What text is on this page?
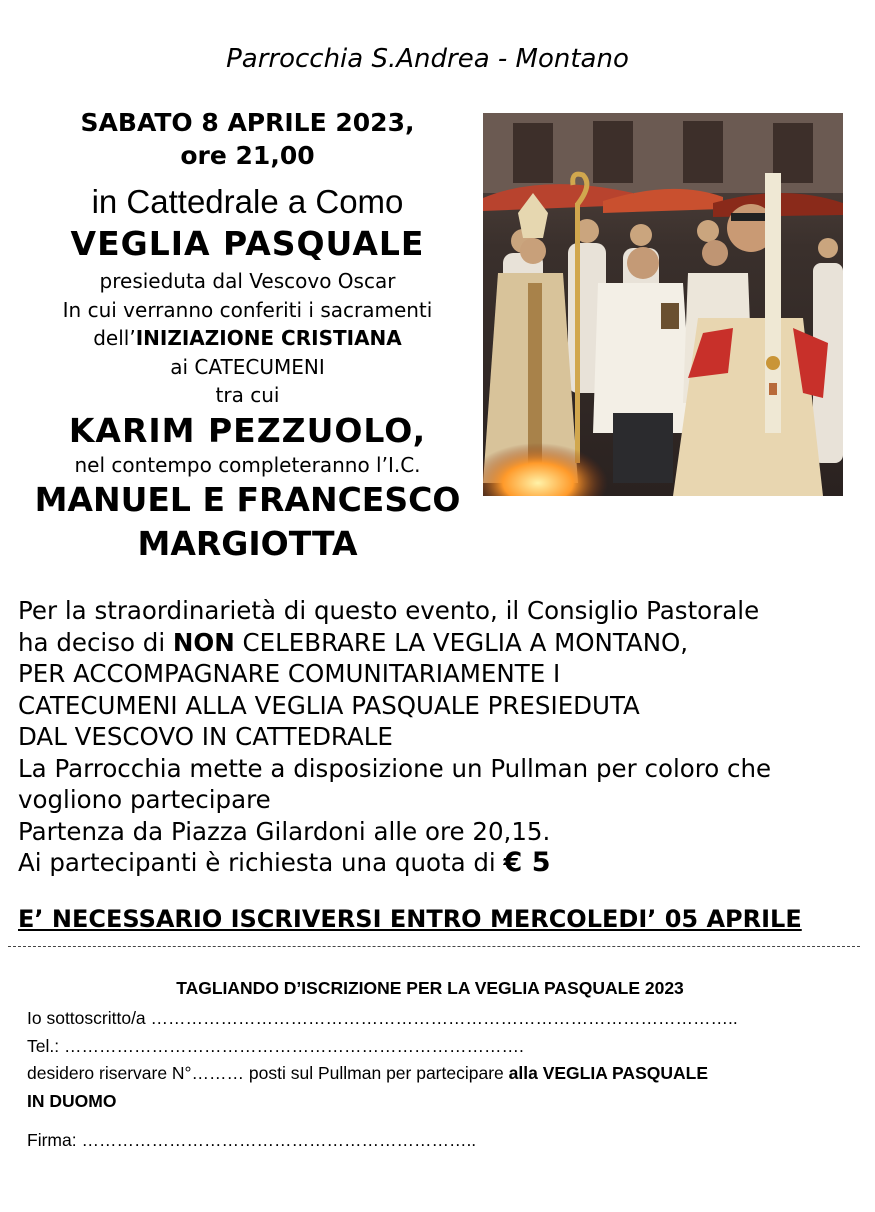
Parrocchia S.Andrea - Montano
SABATO 8 APRILE 2023,
ore 21,00
in Cattedrale a Como
VEGLIA PASQUALE
presieduta dal Vescovo Oscar
In cui verranno conferiti i sacramenti
dell’INIZIAZIONE CRISTIANA
ai CATECUMENI
tra cui
KARIM PEZZUOLO,
nel contempo completeranno l’I.C.
MANUEL E FRANCESCO
MARGIOTTA
Per la straordinarietà di questo evento, il Consiglio Pastorale
ha deciso di NON CELEBRARE LA VEGLIA A MONTANO,
PER ACCOMPAGNARE COMUNITARIAMENTE I
CATECUMENI ALLA VEGLIA PASQUALE PRESIEDUTA
DAL VESCOVO IN CATTEDRALE
La Parrocchia mette a disposizione un Pullman per coloro che
vogliono partecipare
Partenza da Piazza Gilardoni alle ore 20,15.
Ai partecipanti è richiesta una quota di € 5
E’ NECESSARIO ISCRIVERSI ENTRO MERCOLEDI’ 05 APRILE
TAGLIANDO D’ISCRIZIONE PER LA VEGLIA PASQUALE 2023
Io sottoscritto/a ………………………………………………………………………………………..
Tel.: …………………………………………………………………….
desidero riservare N°……… posti sul Pullman per partecipare alla VEGLIA PASQUALE
IN DUOMO
Firma: …………………………………………………………..
